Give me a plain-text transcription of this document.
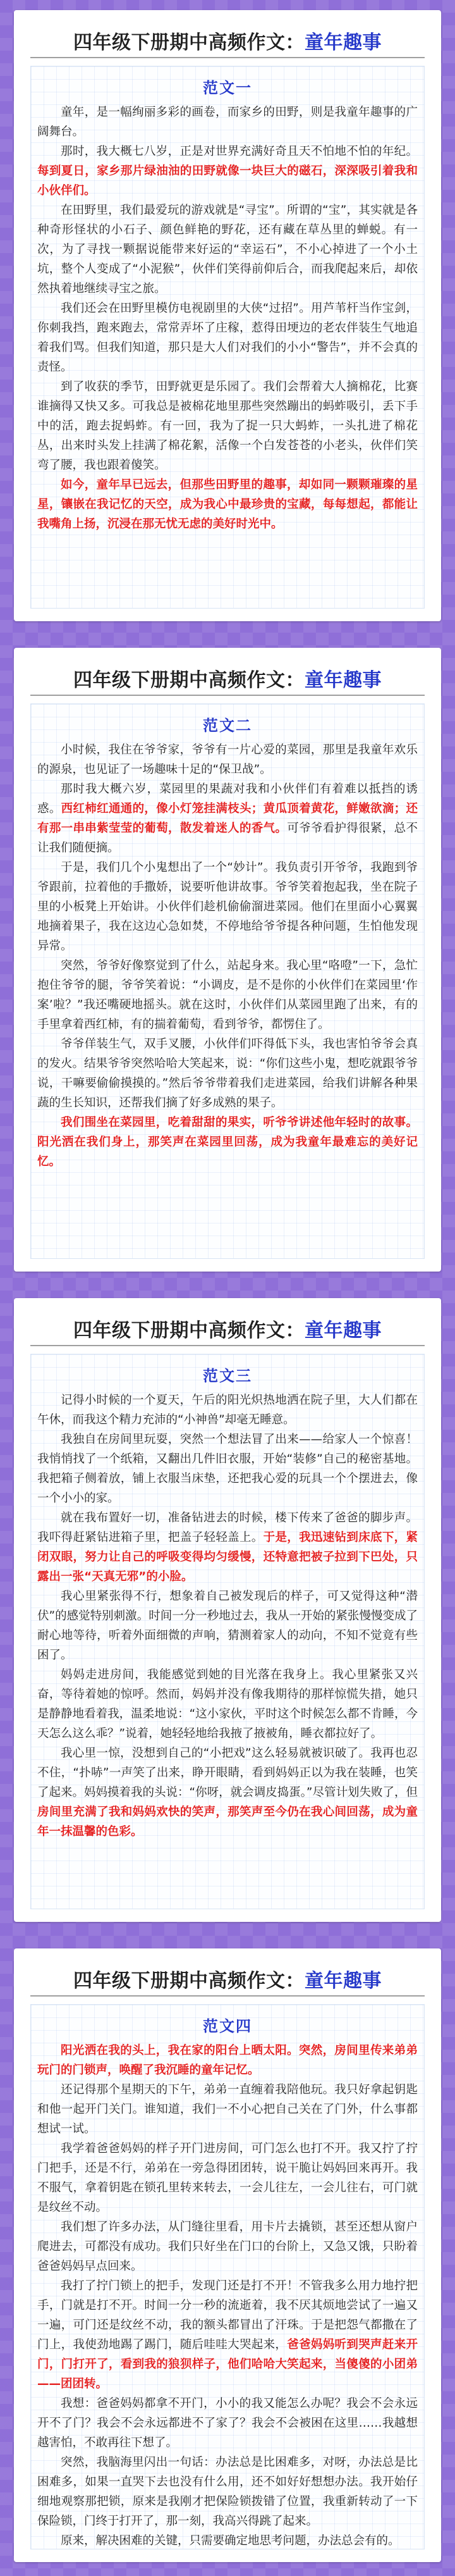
四年级下册期中高频作文：童年趣事
范文一

童年，是一幅绚丽多彩的画卷，而家乡的田野，则是我童年趣事的广阔舞台。

那时，我大概七八岁，正是对世界充满好奇且天不怕地不怕的年纪。每到夏日，家乡那片绿油油的田野就像一块巨大的磁石，深深吸引着我和小伙伴们。

在田野里，我们最爱玩的游戏就是“寻宝”。所谓的“宝”，其实就是各种奇形怪状的小石子、颜色鲜艳的野花，还有藏在草丛里的蝉蜕。有一次，为了寻找一颗据说能带来好运的“幸运石”，不小心掉进了一个小土坑，整个人变成了“小泥猴”，伙伴们笑得前仰后合，而我爬起来后，却依然执着地继续寻宝之旅。

我们还会在田野里模仿电视剧里的大侠“过招”。用芦苇杆当作宝剑，你刺我挡，跑来跑去，常常弄坏了庄稼，惹得田埂边的老农伴装生气地追着我们骂。但我们知道，那只是大人们对我们的小小“警告”，并不会真的责怪。

到了收获的季节，田野就更是乐园了。我们会帮着大人摘棉花，比赛谁摘得又快又多。可我总是被棉花地里那些突然蹦出的蚂蚱吸引，丢下手中的活，跑去捉蚂蚱。有一回，我为了捉一只大蚂蚱，一头扎进了棉花丛，出来时头发上挂满了棉花絮，活像一个白发苍苍的小老头，伙伴们笑弯了腰，我也跟着傻笑。

如今，童年早已远去，但那些田野里的趣事，却如同一颗颗璀璨的星星，镶嵌在我记忆的天空，成为我心中最珍贵的宝藏，每每想起，都能让我嘴角上扬，沉浸在那无忧无虑的美好时光中。

四年级下册期中高频作文：童年趣事
范文二

小时候，我住在爷爷家，爷爷有一片心爱的菜园，那里是我童年欢乐的源泉，也见证了一场趣味十足的“保卫战”。

那时我大概六岁，菜园里的果蔬对我和小伙伴们有着难以抵挡的诱惑。西红柿红通通的，像小灯笼挂满枝头；黄瓜顶着黄花，鲜嫩欲滴；还有那一串串紫莹莹的葡萄，散发着迷人的香气。可爷爷看护得很紧，总不让我们随便摘。

于是，我们几个小鬼想出了一个“妙计”。我负责引开爷爷，我跑到爷爷跟前，拉着他的手撒娇，说要听他讲故事。爷爷笑着抱起我，坐在院子里的小板凳上开始讲。小伙伴们趁机偷偷溜进菜园。他们在里面小心翼翼地摘着果子，我在这边心急如焚，不停地给爷爷提各种问题，生怕他发现异常。

突然，爷爷好像察觉到了什么，站起身来。我心里“咯噔”一下，急忙抱住爷爷的腿，爷爷笑着说：“小调皮，是不是你的小伙伴们在菜园里‘作案’啦？”我还嘴硬地摇头。就在这时，小伙伴们从菜园里跑了出来，有的手里拿着西红柿，有的揣着葡萄，看到爷爷，都愣住了。

爷爷佯装生气，双手叉腰，小伙伴们吓得低下头，我也害怕爷爷会真的发火。结果爷爷突然哈哈大笑起来，说：“你们这些小鬼，想吃就跟爷爷说，干嘛要偷偷摸摸的。”然后爷爷带着我们走进菜园，给我们讲解各种果蔬的生长知识，还帮我们摘了好多成熟的果子。

我们围坐在菜园里，吃着甜甜的果实，听爷爷讲述他年轻时的故事。阳光洒在我们身上，那笑声在菜园里回荡，成为我童年最难忘的美好记忆。

四年级下册期中高频作文：童年趣事
范文三

记得小时候的一个夏天，午后的阳光炽热地洒在院子里，大人们都在午休，而我这个精力充沛的“小神兽”却毫无睡意。

我独自在房间里玩耍，突然一个想法冒了出来——给家人一个惊喜！我悄悄找了一个纸箱，又翻出几件旧衣服，开始“装修”自己的秘密基地。我把箱子侧着放，铺上衣服当床垫，还把我心爱的玩具一个个摆进去，像一个小小的家。

就在我布置好一切，准备钻进去的时候，楼下传来了爸爸的脚步声。我吓得赶紧钻进箱子里，把盖子轻轻盖上。于是，我迅速钻到床底下，紧闭双眼，努力让自己的呼吸变得均匀缓慢，还特意把被子拉到下巴处，只露出一张“天真无邪”的小脸。

我心里紧张得不行，想象着自己被发现后的样子，可又觉得这种“潜伏”的感觉特别刺激。时间一分一秒地过去，我从一开始的紧张慢慢变成了耐心地等待，听着外面细微的声响，猜测着家人的动向，不知不觉竟有些困了。

妈妈走进房间，我能感觉到她的目光落在我身上。我心里紧张又兴奋，等待着她的惊呼。然而，妈妈并没有像我期待的那样惊慌失措，她只是静静地看着我，温柔地说：“这小家伙，平时这个时候怎么都不肯睡，今天怎么这么乖？”说着，她轻轻地给我掖了掖被角，睡衣都拉好了。

我心里一惊，没想到自己的“小把戏”这么轻易就被识破了。我再也忍不住，“扑哧”一声笑了出来，睁开眼睛，看到妈妈正以为我在装睡，也笑了起来。妈妈摸着我的头说：“你呀，就会调皮捣蛋。”尽管计划失败了，但房间里充满了我和妈妈欢快的笑声，那笑声至今仍在我心间回荡，成为童年一抹温馨的色彩。

四年级下册期中高频作文：童年趣事
范文四

阳光洒在我的头上，我在家的阳台上晒太阳。突然，房间里传来弟弟玩门的门锁声，唤醒了我沉睡的童年记忆。

还记得那个星期天的下午，弟弟一直缠着我陪他玩。我只好拿起钥匙和他一起开门关门。谁知道，我们一不小心把自己关在了门外，什么事都想试一试。

我学着爸爸妈妈的样子开门进房间，可门怎么也打不开。我又拧了拧门把手，还是不行，弟弟在一旁急得团团转，说干脆让妈妈回来再开。我不服气，拿着钥匙在锁孔里转来转去，一会儿往左，一会儿往右，可门就是纹丝不动。

我们想了许多办法，从门缝往里看，用卡片去撬锁，甚至还想从窗户爬进去，可都没有成功。我们只好坐在门口的台阶上，又急又饿，只盼着爸爸妈妈早点回来。

我打了拧门锁上的把手，发现门还是打不开！不管我多么用力地拧把手，门就是打不开。时间一分一秒的流逝着，我不厌其烦地尝试了一遍又一遍，可门还是纹丝不动，我的额头都冒出了汗珠。于是把怨气都撒在了门上，我使劲地踢了踢门，随后哇哇大哭起来，爸爸妈妈听到哭声赶来开门，门打开了，看到我的狼狈样子，他们哈哈大笑起来，当傻傻的小团弟——团团转。

我想：爸爸妈妈都拿不开门，小小的我又能怎么办呢？我会不会永远开不了门？我会不会永远都进不了家了？我会不会被困在这里……我越想越害怕，不敢再往下想了。

突然，我脑海里闪出一句话：办法总是比困难多，对呀，办法总是比困难多，如果一直哭下去也没有什么用，还不如好好想想办法。我开始仔细地观察那把锁，原来是我刚才把保险锁拨错了位置，我重新转动了一下保险锁，门终于打开了，那一刻，我高兴得跳了起来。

原来，解决困难的关键，只需要确定地思考问题，办法总会有的。
